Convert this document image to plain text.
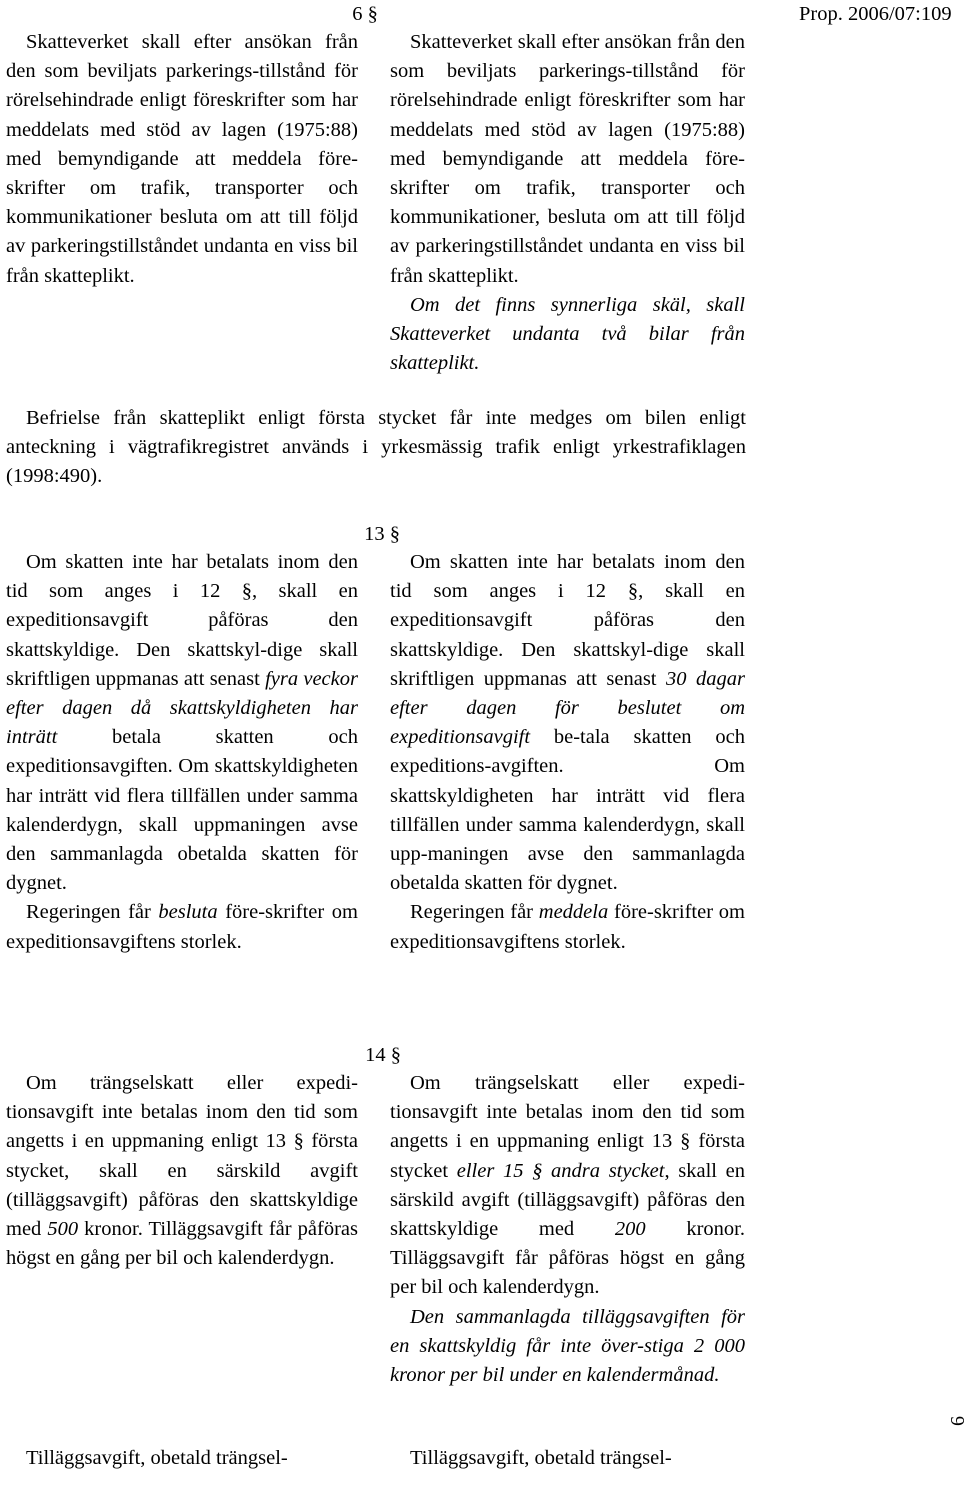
Prop. 2006/07:109
6 §

Skatteverket skall efter ansökan från den som beviljats parkerings-tillstånd för rörelsehindrade enligt föreskrifter som har meddelats med stöd av lagen (1975:88) med bemyndigande att meddela före-skrifter om trafik, transporter och kommunikationer besluta om att till följd av parkeringstillståndet undanta en viss bil från skatteplikt.

Skatteverket skall efter ansökan från den som beviljats parkerings-tillstånd för rörelsehindrade enligt föreskrifter som har meddelats med stöd av lagen (1975:88) med bemyndigande att meddela före-skrifter om trafik, transporter och kommunikationer, besluta om att till följd av parkeringstillståndet undanta en viss bil från skatteplikt.

Om det finns synnerliga skäl, skall Skatteverket undanta två bilar från skatteplikt.

Befrielse från skatteplikt enligt första stycket får inte medges om bilen enligt anteckning i vägtrafikregistret används i yrkesmässig trafik enligt yrkestrafiklagen (1998:490).

13 §

Om skatten inte har betalats inom den tid som anges i 12 §, skall en expeditionsavgift påföras den skattskyldige. Den skattskyl-dige skall skriftligen uppmanas att senast fyra veckor efter dagen då skattskyldigheten har inträtt betala skatten och expeditionsavgiften. Om skattskyldigheten har inträtt vid flera tillfällen under samma kalenderdygn, skall uppmaningen avse den sammanlagda obetalda skatten för dygnet.

Regeringen får besluta före-skrifter om expeditionsavgiftens storlek.

Om skatten inte har betalats inom den tid som anges i 12 §, skall en expeditionsavgift påföras den skattskyldige. Den skattskyl-dige skall skriftligen uppmanas att senast 30 dagar efter dagen för beslutet om expeditionsavgift be-tala skatten och expeditions-avgiften. Om skattskyldigheten har inträtt vid flera tillfällen under samma kalenderdygn, skall upp-maningen avse den sammanlagda obetalda skatten för dygnet.

Regeringen får meddela före-skrifter om expeditionsavgiftens storlek.

14 §

Om trängselskatt eller expedi-tionsavgift inte betalas inom den tid som angetts i en uppmaning enligt 13 § första stycket, skall en särskild avgift (tilläggsavgift) påföras den skattskyldige med 500 kronor. Tilläggsavgift får påföras högst en gång per bil och kalenderdygn.

Om trängselskatt eller expedi-tionsavgift inte betalas inom den tid som angetts i en uppmaning enligt 13 § första stycket eller 15 § andra stycket, skall en särskild avgift (tilläggsavgift) påföras den skattskyldige med 200 kronor. Tilläggsavgift får påföras högst en gång per bil och kalenderdygn.

Den sammanlagda tilläggsavgiften för en skattskyldig får inte över-stiga 2 000 kronor per bil under en kalendermånad.

Tilläggsavgift, obetald trängsel-	Tilläggsavgift, obetald trängsel-

6
